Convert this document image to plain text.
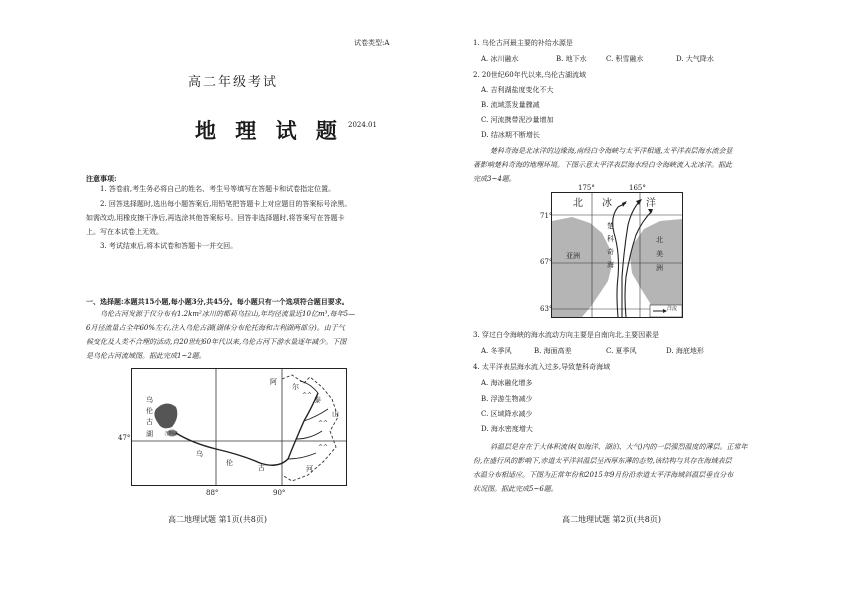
试卷类型:A
高二年级考试
地 理 试 题 2024.01
注意事项:
1. 答卷前,考生务必将自己的姓名、考生号等填写在答题卡和试卷指定位置。
2. 回答选择题时,选出每小题答案后,用铅笔把答题卡上对应题目的答案标号涂黑。
如需改动,用橡皮擦干净后,再选涂其他答案标号。回答非选择题时,将答案写在答题卡
上。写在本试卷上无效。
3. 考试结束后,将本试卷和答题卡一并交回。
一、选择题:本题共15小题,每小题3分,共45分。每小题只有一个选项符合题目要求。
乌伦古河发源于仅分布有1.2km²冰川的都莉乌拉山,年均径流量近10亿m³,每年5—
6月径流量占全年60%左右,注入乌伦古湖(湖体分布伦托海和吉利湖两部分)。由于气
候变化及人类不合理的活动,自20世纪60年代以来,乌伦古河下游水量逐年减少。下图
是乌伦古河流域图。据此完成1~2题。
^^
^^
^^
47°
88°	90°
乌
伦
古
湖 吉利湖
乌
伦
古	河
阿
尔
泰
山
高二地理试题 第1页(共8页)
1. 乌伦古河最主要的补给水源是
A. 冰川融水	B. 地下水	C. 积雪融水	D. 大气降水
2. 20世纪60年代以来,乌伦古湖流域
A. 吉利湖盐度变化不大
B. 流域蒸发量骤减
C. 河流携带泥沙量增加
D. 结冰期不断增长
楚科奇海是北冰洋的边缘海,南经白令海峡与太平洋相通,太平洋表层海水流会显
著影响楚科奇海的地理环境。下图示意太平洋表层海水经白令海峡流入北冰洋。据此
完成3~4题。
175°	165°
71°
67°
63°
北 冰	洋
楚
科
奇
海
亚洲
北
美
洲
洋流
3. 穿过白令海峡的海水流动方向主要是自南向北,主要因素是
A. 冬季风	B. 海面高差	C. 夏季风	D. 海底地形
4. 太平洋表层海水流入过多,导致楚科奇海域
A. 海冰融化增多
B. 浮游生物减少
C. 区域降水减少
D. 海水密度增大
斜温层是存在于大体积流体(如海洋、湖泊、大气)内的一层强烈温度的薄层。正常年
份,在盛行风的影响下,赤道太平洋斜温层呈西厚东薄的态势,该结构与其存在海域表层
水温分布相适应。下图为正常年份和2015年9月份沿赤道太平洋海域斜温层垂直分布
状况图。据此完成5~6题。
高二地理试题 第2页(共8页)
